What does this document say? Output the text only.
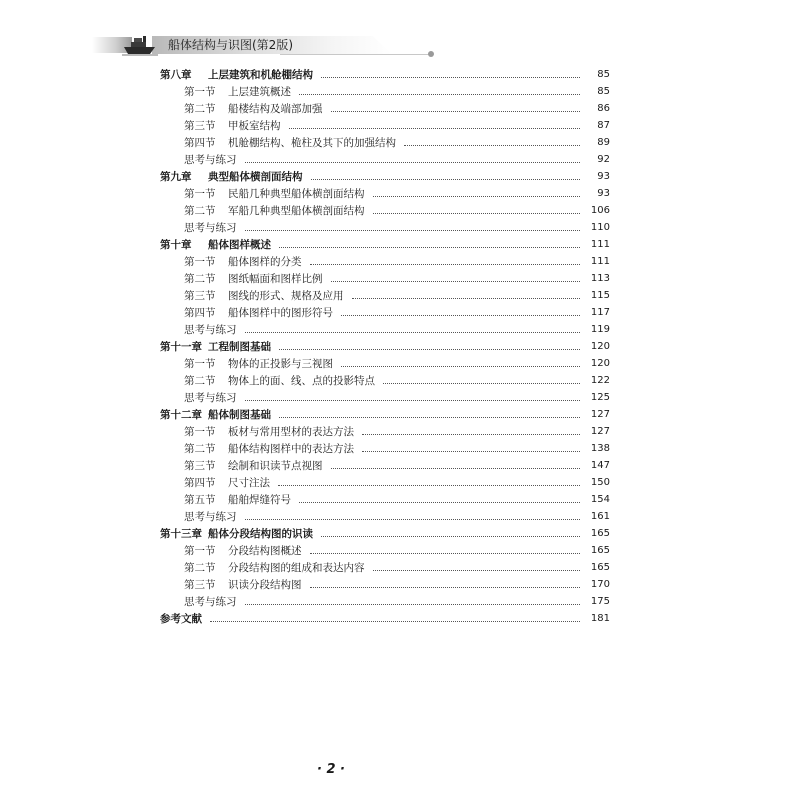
船体结构与识图(第2版)
第八章	上层建筑和机舱棚结构	85
第一节	上层建筑概述	85
第二节	船楼结构及端部加强	86
第三节	甲板室结构	87
第四节	机舱棚结构、桅柱及其下的加强结构	89
思考与练习	92
第九章	典型船体横剖面结构	93
第一节	民船几种典型船体横剖面结构	93
第二节	军船几种典型船体横剖面结构	106
思考与练习	110
第十章	船体图样概述	111
第一节	船体图样的分类	111
第二节	图纸幅面和图样比例	113
第三节	图线的形式、规格及应用	115
第四节	船体图样中的图形符号	117
思考与练习	119
第十一章 工程制图基础	120
第一节	物体的正投影与三视图	120
第二节	物体上的面、线、点的投影特点	122
思考与练习	125
第十二章 船体制图基础	127
第一节	板材与常用型材的表达方法	127
第二节	船体结构图样中的表达方法	138
第三节	绘制和识读节点视图	147
第四节	尺寸注法	150
第五节	船舶焊缝符号	154
思考与练习	161
第十三章 船体分段结构图的识读	165
第一节	分段结构图概述	165
第二节	分段结构图的组成和表达内容	165
第三节	识读分段结构图	170
思考与练习	175
参考文献	181
· 2 ·
